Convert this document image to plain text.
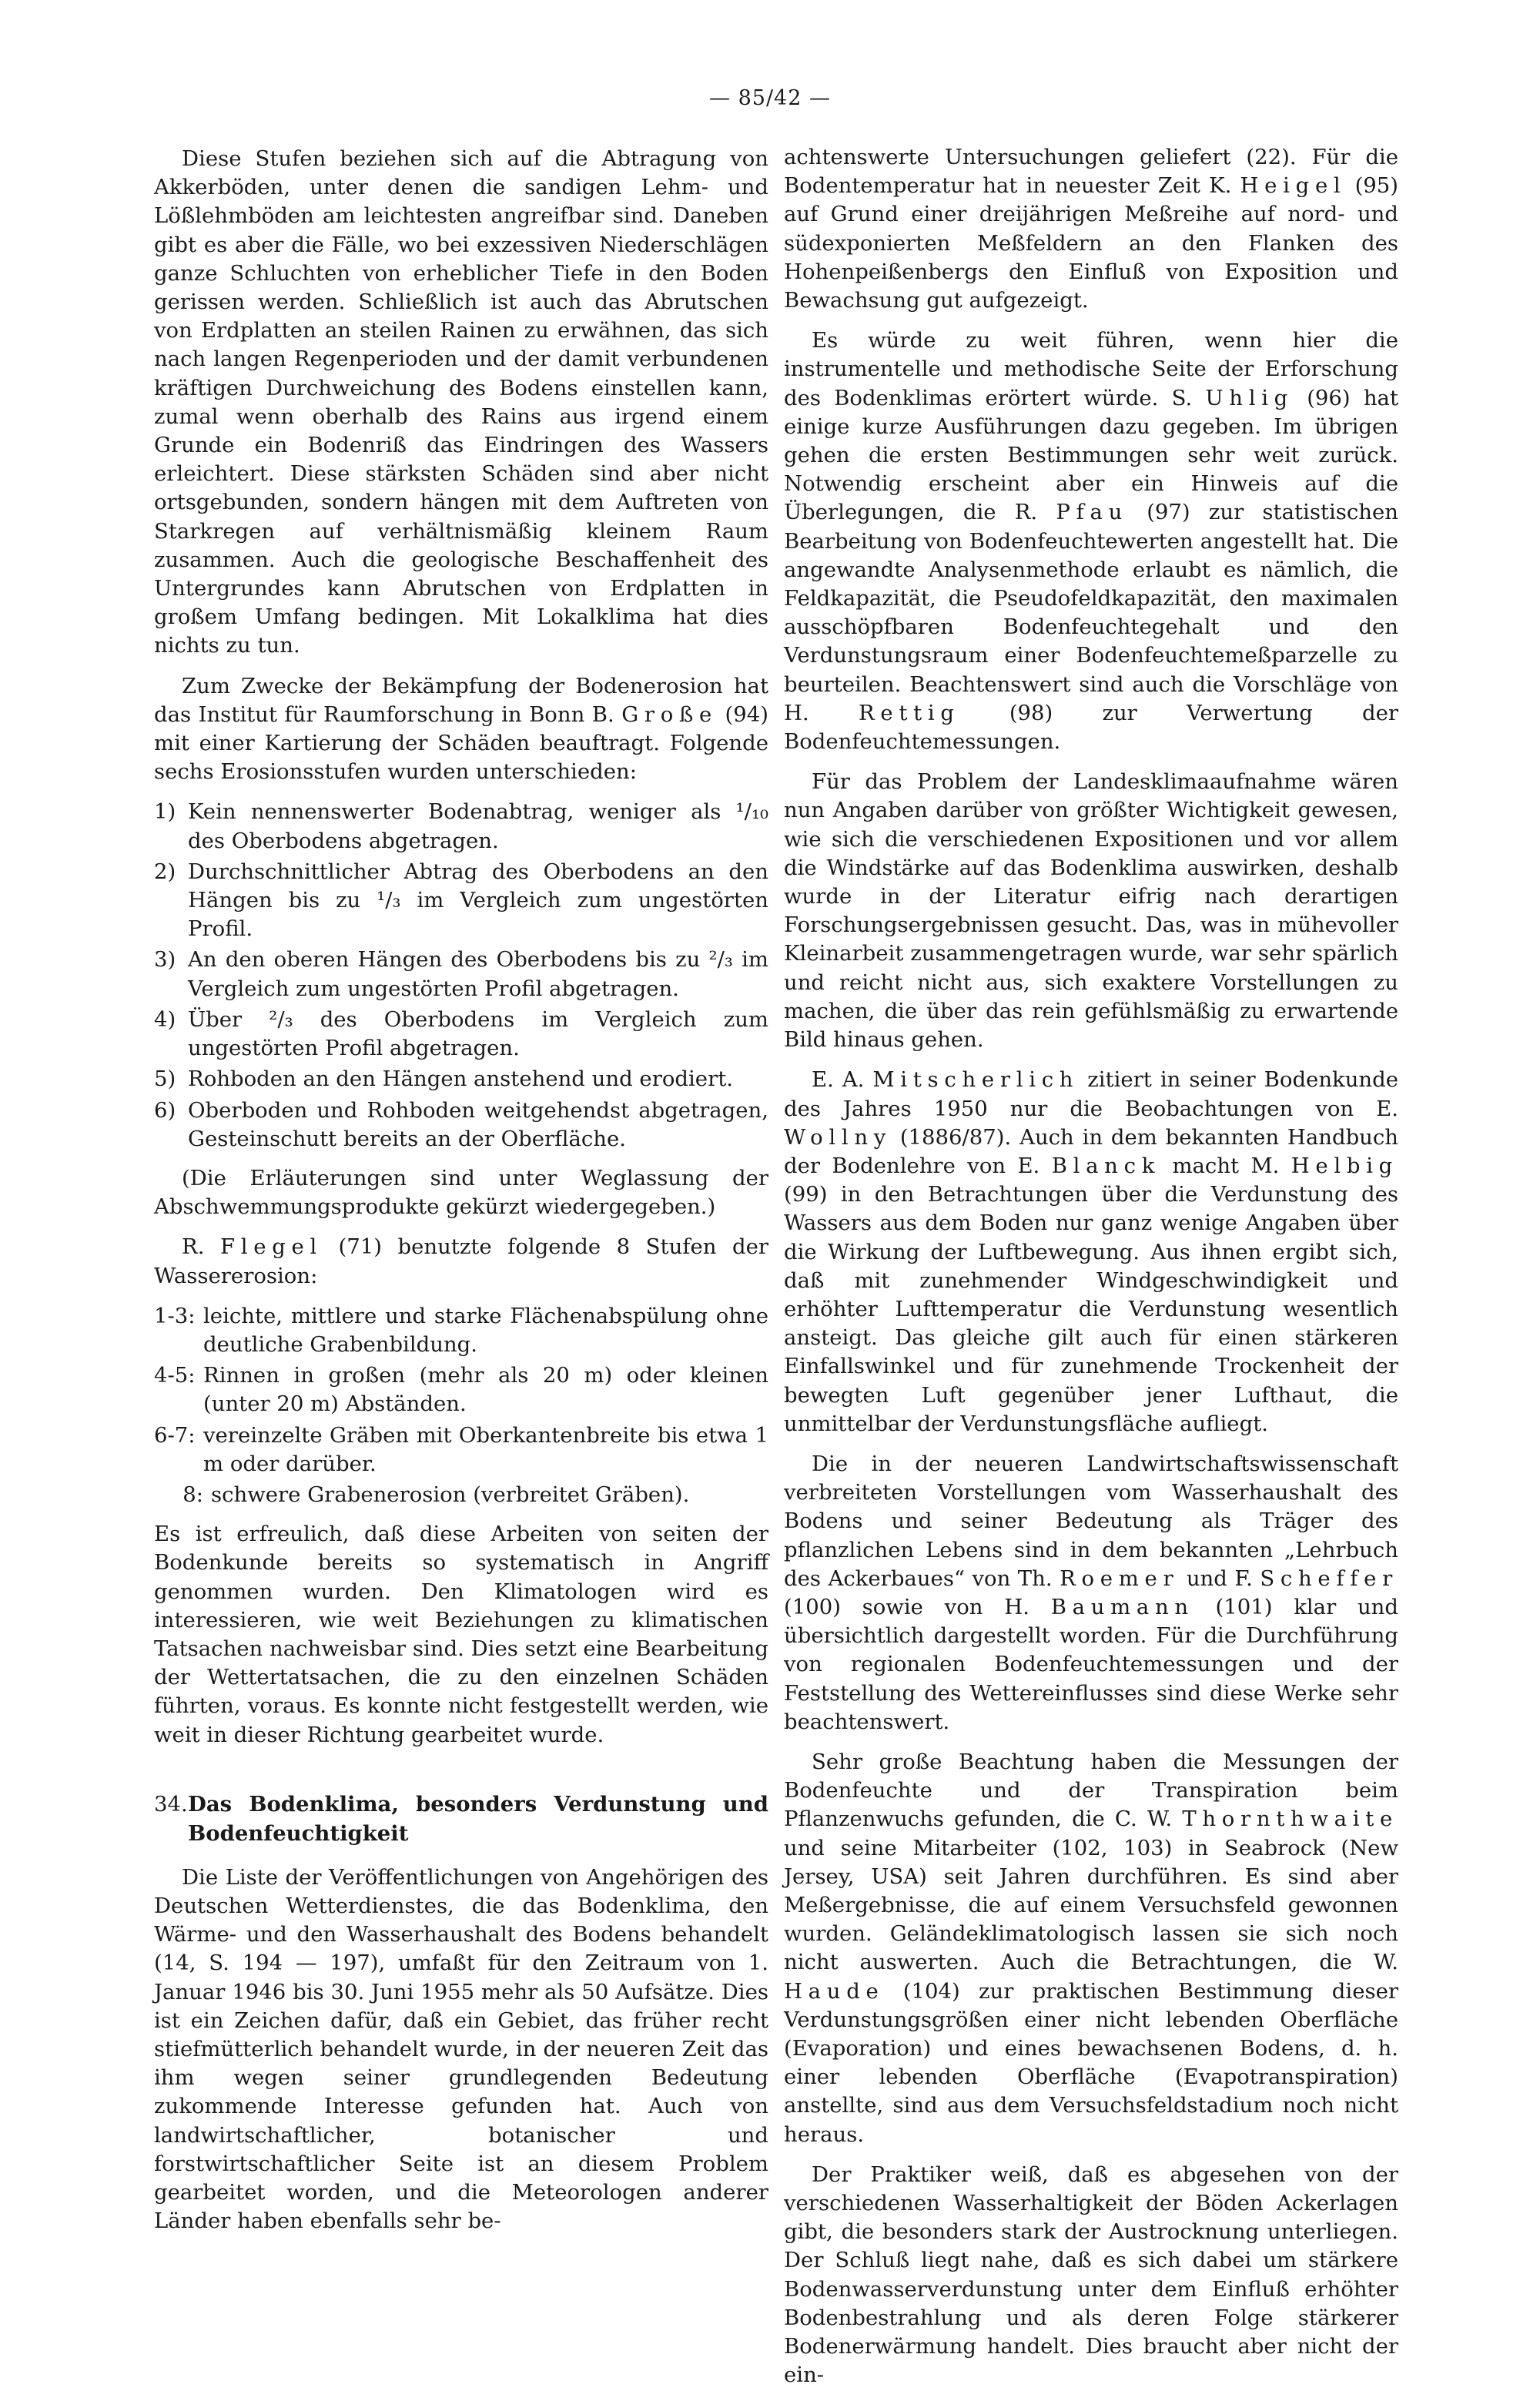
— 85/42 —

Diese Stufen beziehen sich auf die Abtragung von Akkerböden, unter denen die sandigen Lehm- und Lößlehmböden am leichtesten angreifbar sind. Daneben gibt es aber die Fälle, wo bei exzessiven Niederschlägen ganze Schluchten von erheblicher Tiefe in den Boden gerissen werden. Schließlich ist auch das Abrutschen von Erdplatten an steilen Rainen zu erwähnen, das sich nach langen Regenperioden und der damit verbundenen kräftigen Durchweichung des Bodens einstellen kann, zumal wenn oberhalb des Rains aus irgend einem Grunde ein Bodenriß das Eindringen des Wassers erleichtert. Diese stärksten Schäden sind aber nicht ortsgebunden, sondern hängen mit dem Auftreten von Starkregen auf verhältnismäßig kleinem Raum zusammen. Auch die geologische Beschaffenheit des Untergrundes kann Abrutschen von Erdplatten in großem Umfang bedingen. Mit Lokalklima hat dies nichts zu tun.

Zum Zwecke der Bekämpfung der Bodenerosion hat das Institut für Raumforschung in Bonn B. Große (94) mit einer Kartierung der Schäden beauftragt. Folgende sechs Erosionsstufen wurden unterschieden:

1) Kein nennenswerter Bodenabtrag, weniger als ¹/₁₀ des Oberbodens abgetragen.
2) Durchschnittlicher Abtrag des Oberbodens an den Hängen bis zu ¹/₃ im Vergleich zum ungestörten Profil.
3) An den oberen Hängen des Oberbodens bis zu ²/₃ im Vergleich zum ungestörten Profil abgetragen.
4) Über ²/₃ des Oberbodens im Vergleich zum ungestörten Profil abgetragen.
5) Rohboden an den Hängen anstehend und erodiert.
6) Oberboden und Rohboden weitgehendst abgetragen, Gesteinschutt bereits an der Oberfläche.

(Die Erläuterungen sind unter Weglassung der Abschwemmungsprodukte gekürzt wiedergegeben.)

R. Flegel (71) benutzte folgende 8 Stufen der Wassererosion:

1-3: leichte, mittlere und starke Flächenabspülung ohne deutliche Grabenbildung.
4-5: Rinnen in großen (mehr als 20 m) oder kleinen (unter 20 m) Abständen.
6-7: vereinzelte Gräben mit Oberkantenbreite bis etwa 1 m oder darüber.
8: schwere Grabenerosion (verbreitet Gräben).

Es ist erfreulich, daß diese Arbeiten von seiten der Bodenkunde bereits so systematisch in Angriff genommen wurden. Den Klimatologen wird es interessieren, wie weit Beziehungen zu klimatischen Tatsachen nachweisbar sind. Dies setzt eine Bearbeitung der Wettertatsachen, die zu den einzelnen Schäden führten, voraus. Es konnte nicht festgestellt werden, wie weit in dieser Richtung gearbeitet wurde.

34. Das Bodenklima, besonders Verdunstung und Bodenfeuchtigkeit

Die Liste der Veröffentlichungen von Angehörigen des Deutschen Wetterdienstes, die das Bodenklima, den Wärme- und den Wasserhaushalt des Bodens behandelt (14, S. 194 — 197), umfaßt für den Zeitraum von 1. Januar 1946 bis 30. Juni 1955 mehr als 50 Aufsätze. Dies ist ein Zeichen dafür, daß ein Gebiet, das früher recht stiefmütterlich behandelt wurde, in der neueren Zeit das ihm wegen seiner grundlegenden Bedeutung zukommende Interesse gefunden hat. Auch von landwirtschaftlicher, botanischer und forstwirtschaftlicher Seite ist an diesem Problem gearbeitet worden, und die Meteorologen anderer Länder haben ebenfalls sehr be-

achtenswerte Untersuchungen geliefert (22). Für die Bodentemperatur hat in neuester Zeit K. Heigel (95) auf Grund einer dreijährigen Meßreihe auf nord- und südexponierten Meßfeldern an den Flanken des Hohenpeißenbergs den Einfluß von Exposition und Bewachsung gut aufgezeigt.

Es würde zu weit führen, wenn hier die instrumentelle und methodische Seite der Erforschung des Bodenklimas erörtert würde. S. Uhlig (96) hat einige kurze Ausführungen dazu gegeben. Im übrigen gehen die ersten Bestimmungen sehr weit zurück. Notwendig erscheint aber ein Hinweis auf die Überlegungen, die R. Pfau (97) zur statistischen Bearbeitung von Bodenfeuchtewerten angestellt hat. Die angewandte Analysenmethode erlaubt es nämlich, die Feldkapazität, die Pseudofeldkapazität, den maximalen ausschöpfbaren Bodenfeuchtegehalt und den Verdunstungsraum einer Bodenfeuchtemeßparzelle zu beurteilen. Beachtenswert sind auch die Vorschläge von H. Rettig (98) zur Verwertung der Bodenfeuchtemessungen.

Für das Problem der Landesklimaaufnahme wären nun Angaben darüber von größter Wichtigkeit gewesen, wie sich die verschiedenen Expositionen und vor allem die Windstärke auf das Bodenklima auswirken, deshalb wurde in der Literatur eifrig nach derartigen Forschungsergebnissen gesucht. Das, was in mühevoller Kleinarbeit zusammengetragen wurde, war sehr spärlich und reicht nicht aus, sich exaktere Vorstellungen zu machen, die über das rein gefühlsmäßig zu erwartende Bild hinaus gehen.

E. A. Mitscherlich zitiert in seiner Bodenkunde des Jahres 1950 nur die Beobachtungen von E. Wollny (1886/87). Auch in dem bekannten Handbuch der Bodenlehre von E. Blanck macht M. Helbig (99) in den Betrachtungen über die Verdunstung des Wassers aus dem Boden nur ganz wenige Angaben über die Wirkung der Luftbewegung. Aus ihnen ergibt sich, daß mit zunehmender Windgeschwindigkeit und erhöhter Lufttemperatur die Verdunstung wesentlich ansteigt. Das gleiche gilt auch für einen stärkeren Einfallswinkel und für zunehmende Trockenheit der bewegten Luft gegenüber jener Lufthaut, die unmittelbar der Verdunstungsfläche aufliegt.

Die in der neueren Landwirtschaftswissenschaft verbreiteten Vorstellungen vom Wasserhaushalt des Bodens und seiner Bedeutung als Träger des pflanzlichen Lebens sind in dem bekannten „Lehrbuch des Ackerbaues“ von Th. Roemer und F. Scheffer (100) sowie von H. Baumann (101) klar und übersichtlich dargestellt worden. Für die Durchführung von regionalen Bodenfeuchtemessungen und der Feststellung des Wettereinflusses sind diese Werke sehr beachtenswert.

Sehr große Beachtung haben die Messungen der Bodenfeuchte und der Transpiration beim Pflanzenwuchs gefunden, die C. W. Thornthwaite und seine Mitarbeiter (102, 103) in Seabrock (New Jersey, USA) seit Jahren durchführen. Es sind aber Meßergebnisse, die auf einem Versuchsfeld gewonnen wurden. Geländeklimatologisch lassen sie sich noch nicht auswerten. Auch die Betrachtungen, die W. Haude (104) zur praktischen Bestimmung dieser Verdunstungsgrößen einer nicht lebenden Oberfläche (Evaporation) und eines bewachsenen Bodens, d. h. einer lebenden Oberfläche (Evapotranspiration) anstellte, sind aus dem Versuchsfeldstadium noch nicht heraus.

Der Praktiker weiß, daß es abgesehen von der verschiedenen Wasserhaltigkeit der Böden Ackerlagen gibt, die besonders stark der Austrocknung unterliegen. Der Schluß liegt nahe, daß es sich dabei um stärkere Bodenwasserverdunstung unter dem Einfluß erhöhter Bodenbestrahlung und als deren Folge stärkerer Bodenerwärmung handelt. Dies braucht aber nicht der ein-
